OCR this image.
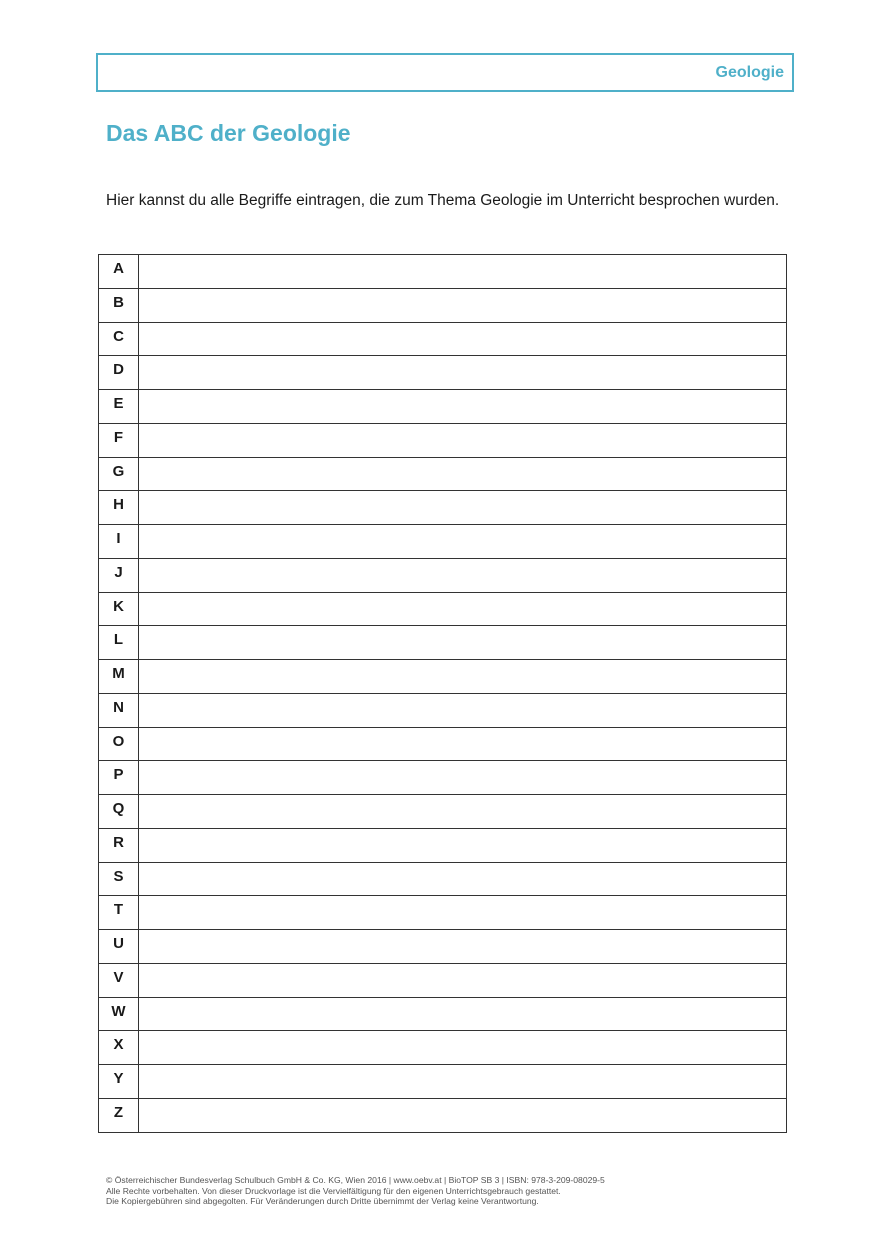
Geologie
Das ABC der Geologie

Hier kannst du alle Begriffe eintragen, die zum Thema Geologie im Unterricht besprochen wurden.

A	
B	
C	
D	
E	
F	
G	
H	
I	
J	
K	
L	
M	
N	
O	
P	
Q	
R	
S	
T	
U	
V	
W	
X	
Y	
Z	
© Österreichischer Bundesverlag Schulbuch GmbH & Co. KG, Wien 2016 | www.oebv.at | BioTOP SB 3 | ISBN: 978-3-209-08029-5
Alle Rechte vorbehalten. Von dieser Druckvorlage ist die Vervielfältigung für den eigenen Unterrichtsgebrauch gestattet.
Die Kopiergebühren sind abgegolten. Für Veränderungen durch Dritte übernimmt der Verlag keine Verantwortung.
